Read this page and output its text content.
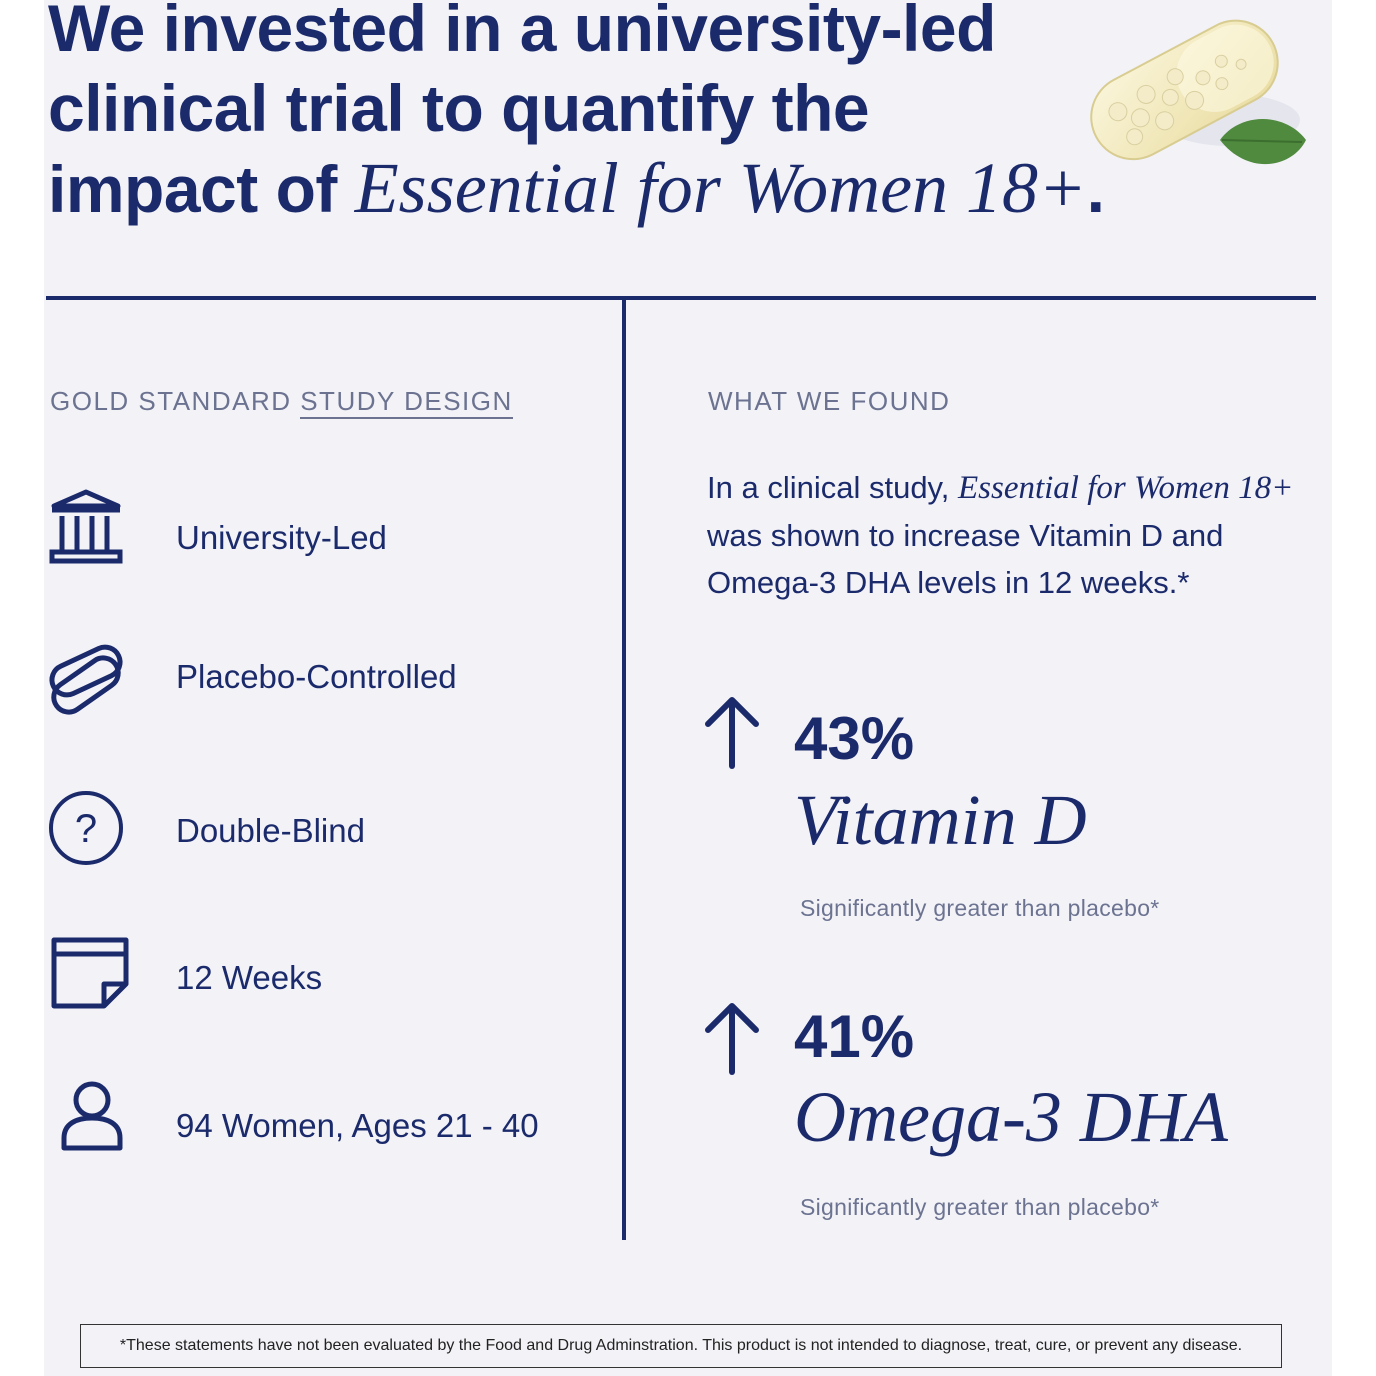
We invested in a university-led
clinical trial to quantify the
impact of Essential for Women 18+.
GOLD STANDARD STUDY DESIGN
University-Led
Placebo-Controlled
? Double-Blind
12 Weeks
94 Women, Ages 21 - 40
WHAT WE FOUND

In a clinical study, Essential for Women 18+ was shown to increase Vitamin D and Omega-3 DHA levels in 12 weeks.*

43%
Vitamin D
Significantly greater than placebo*
41%
Omega-3 DHA
Significantly greater than placebo*
*These statements have not been evaluated by the Food and Drug Adminstration. This product is not intended to diagnose, treat, cure, or prevent any disease.
